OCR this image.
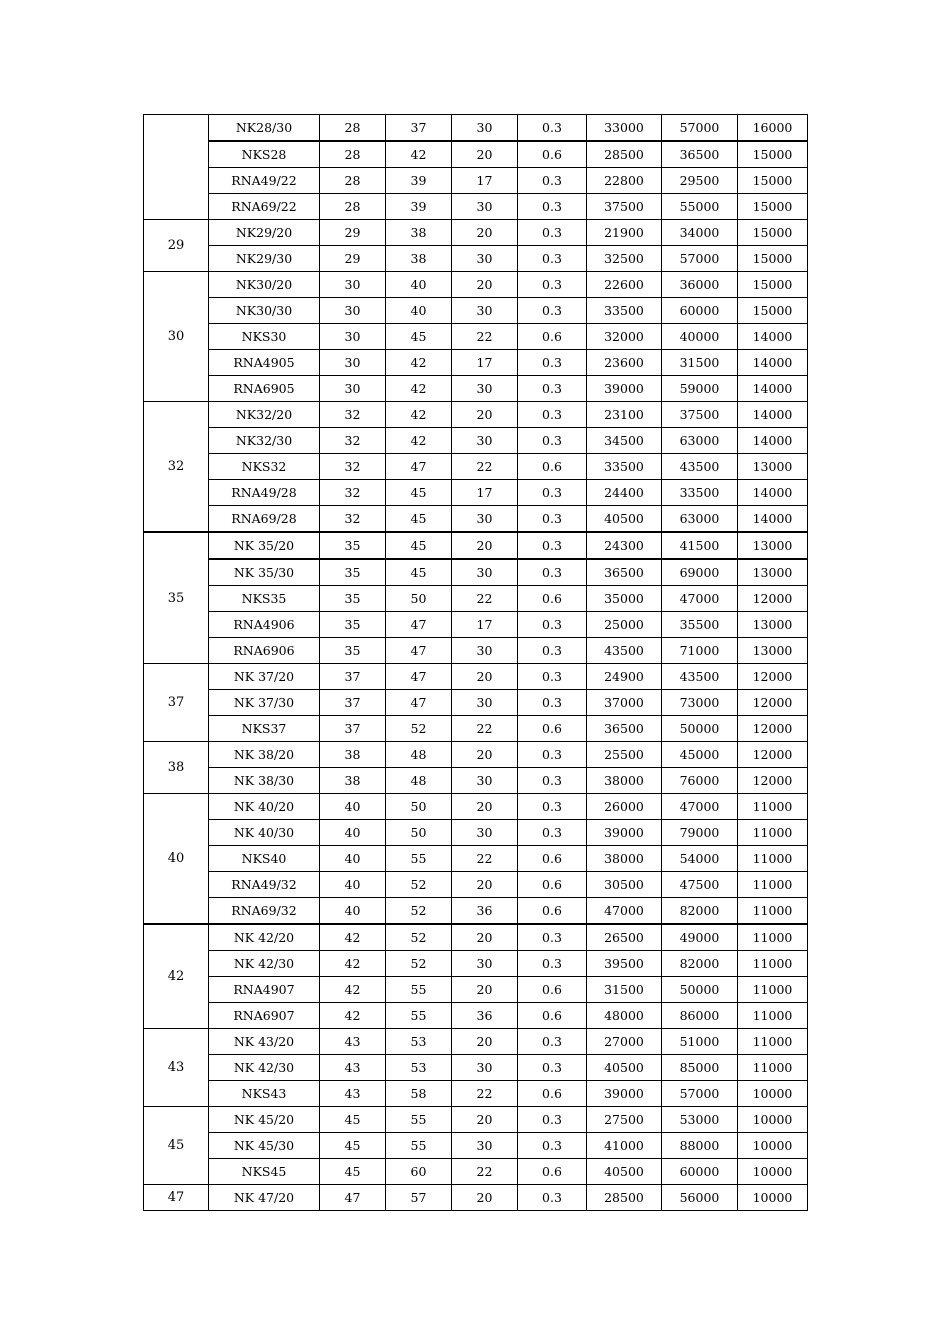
	NK28/30	28	37	30	0.3	33000	57000	16000
	NKS28	28	42	20	0.6	28500	36500	15000
	RNA49/22	28	39	17	0.3	22800	29500	15000
	RNA69/22	28	39	30	0.3	37500	55000	15000
29	NK29/20	29	38	20	0.3	21900	34000	15000
	NK29/30	29	38	30	0.3	32500	57000	15000
30	NK30/20	30	40	20	0.3	22600	36000	15000
	NK30/30	30	40	30	0.3	33500	60000	15000
	NKS30	30	45	22	0.6	32000	40000	14000
	RNA4905	30	42	17	0.3	23600	31500	14000
	RNA6905	30	42	30	0.3	39000	59000	14000
32	NK32/20	32	42	20	0.3	23100	37500	14000
	NK32/30	32	42	30	0.3	34500	63000	14000
	NKS32	32	47	22	0.6	33500	43500	13000
	RNA49/28	32	45	17	0.3	24400	33500	14000
	RNA69/28	32	45	30	0.3	40500	63000	14000
35	NK 35/20	35	45	20	0.3	24300	41500	13000
	NK 35/30	35	45	30	0.3	36500	69000	13000
	NKS35	35	50	22	0.6	35000	47000	12000
	RNA4906	35	47	17	0.3	25000	35500	13000
	RNA6906	35	47	30	0.3	43500	71000	13000
37	NK 37/20	37	47	20	0.3	24900	43500	12000
	NK 37/30	37	47	30	0.3	37000	73000	12000
	NKS37	37	52	22	0.6	36500	50000	12000
38	NK 38/20	38	48	20	0.3	25500	45000	12000
	NK 38/30	38	48	30	0.3	38000	76000	12000
40	NK 40/20	40	50	20	0.3	26000	47000	11000
	NK 40/30	40	50	30	0.3	39000	79000	11000
	NKS40	40	55	22	0.6	38000	54000	11000
	RNA49/32	40	52	20	0.6	30500	47500	11000
	RNA69/32	40	52	36	0.6	47000	82000	11000
42	NK 42/20	42	52	20	0.3	26500	49000	11000
	NK 42/30	42	52	30	0.3	39500	82000	11000
	RNA4907	42	55	20	0.6	31500	50000	11000
	RNA6907	42	55	36	0.6	48000	86000	11000
43	NK 43/20	43	53	20	0.3	27000	51000	11000
	NK 42/30	43	53	30	0.3	40500	85000	11000
	NKS43	43	58	22	0.6	39000	57000	10000
45	NK 45/20	45	55	20	0.3	27500	53000	10000
	NK 45/30	45	55	30	0.3	41000	88000	10000
	NKS45	45	60	22	0.6	40500	60000	10000
47	NK 47/20	47	57	20	0.3	28500	56000	10000
